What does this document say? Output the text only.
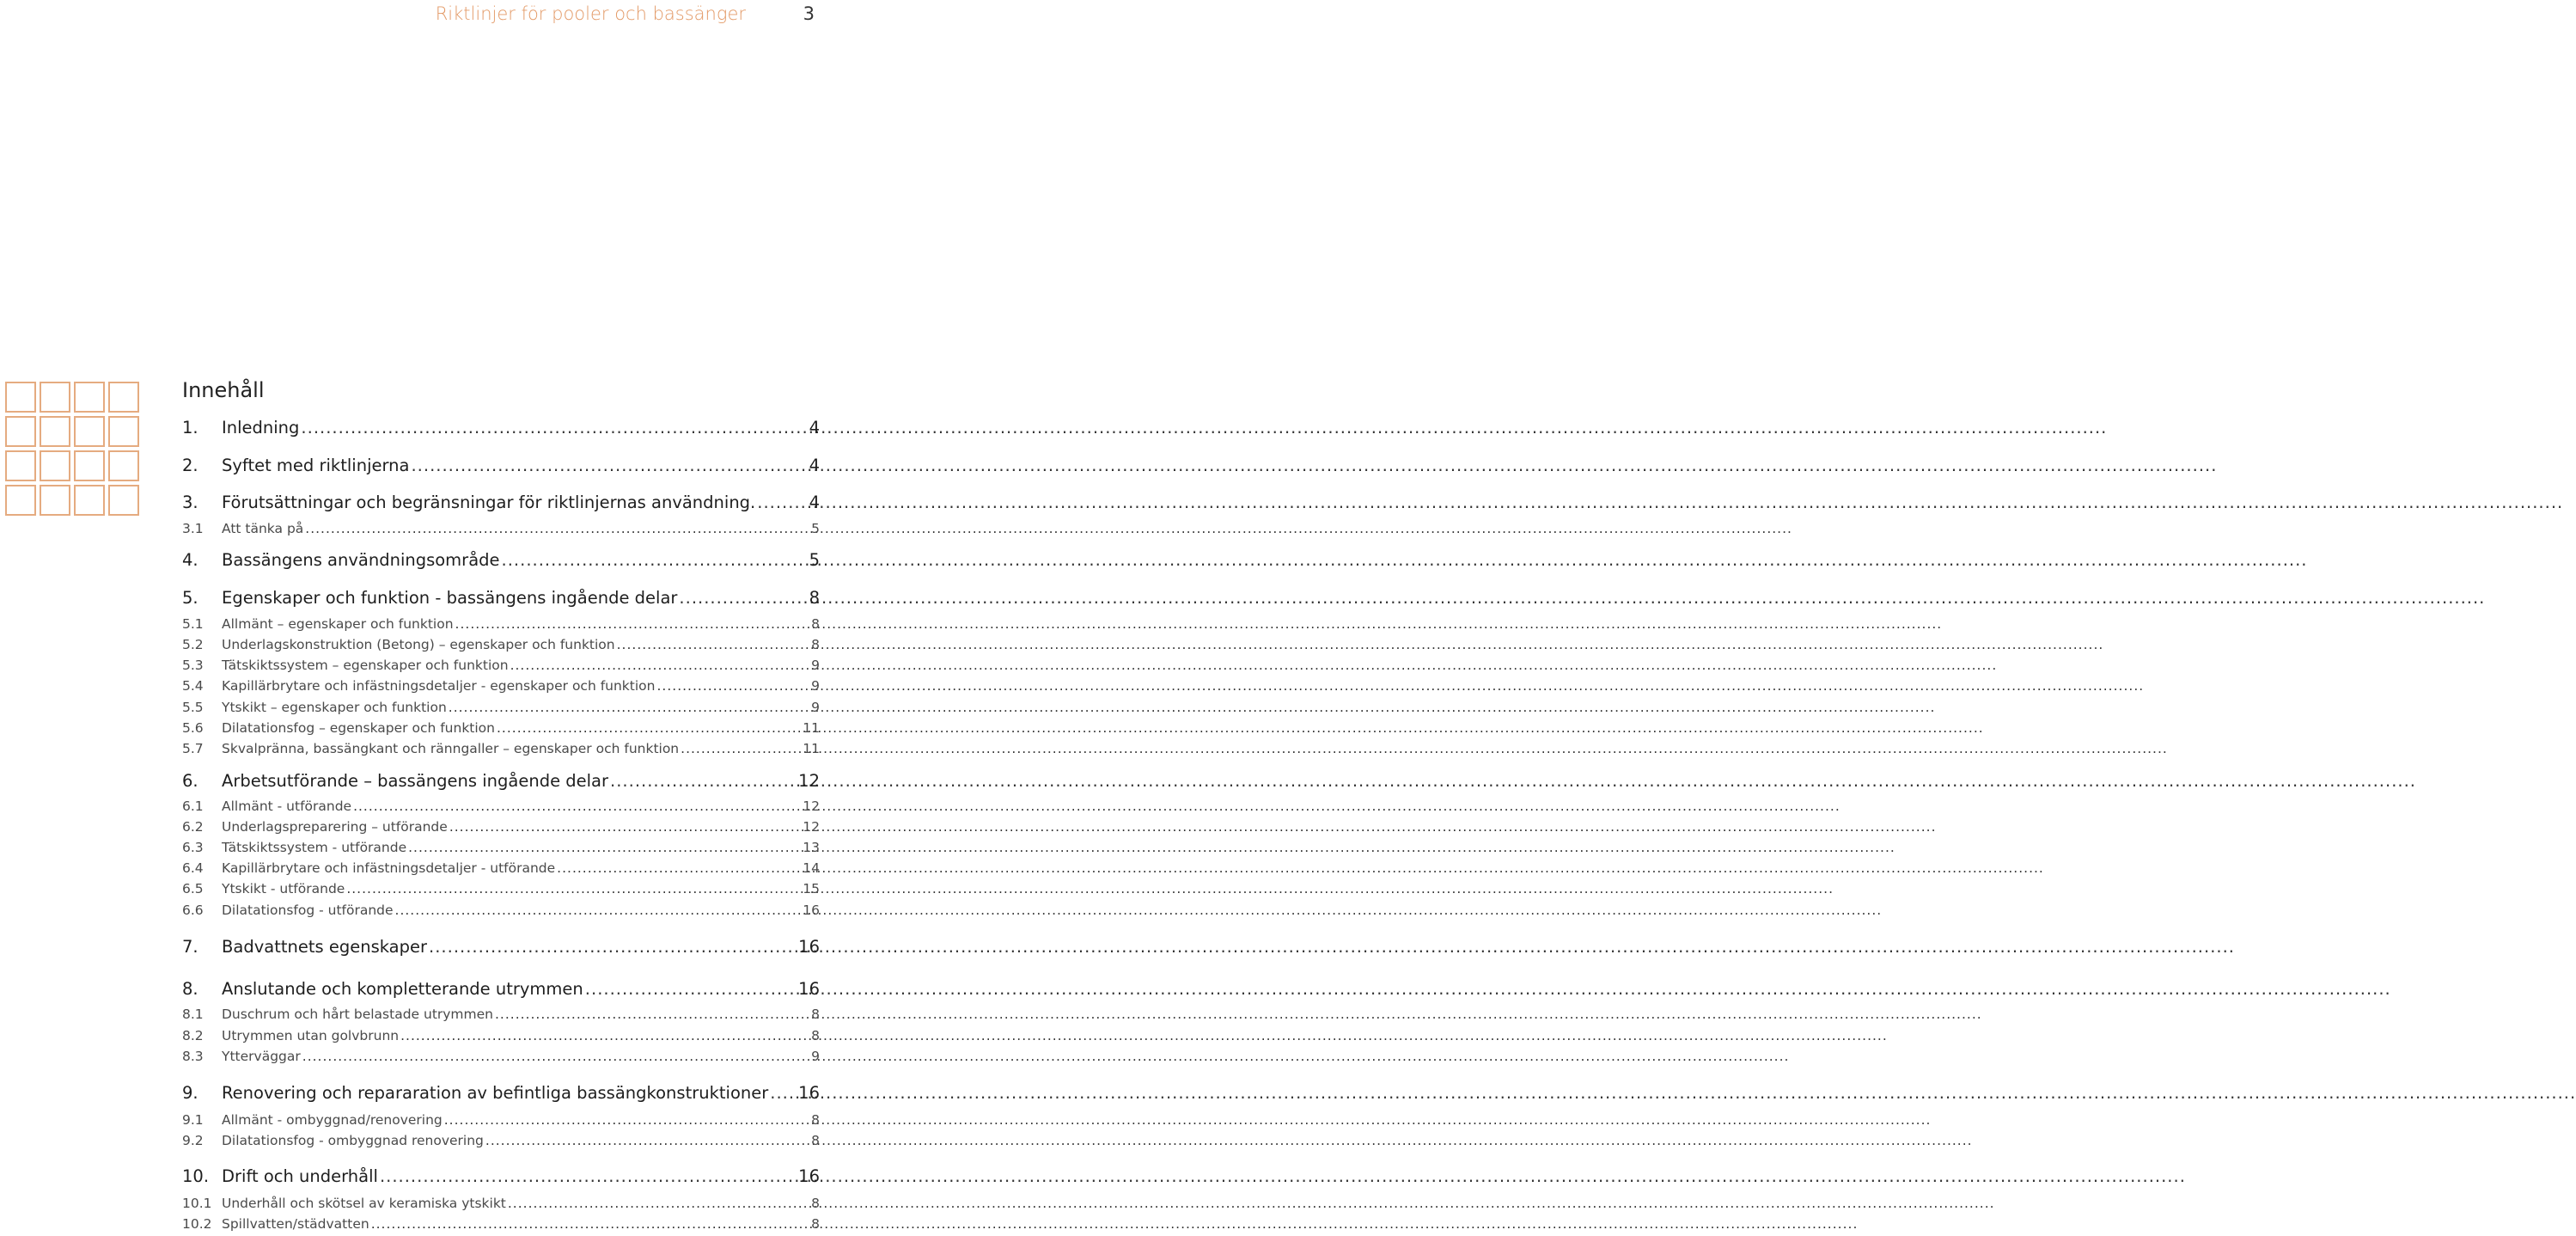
Riktlinjer för pooler och bassänger	3
Innehåll
1.	Inledning .....	4
2.	Syftet med riktlinjerna .....	4
3.	Förutsättningar och begränsningar för riktlinjernas användning. .....	4
3.1	Att tänka på .....	5
4.	Bassängens användningsområde .....	5
5.	Egenskaper och funktion - bassängens ingående delar .....	8
5.1	Allmänt – egenskaper och funktion .....	8
5.2	Underlagskonstruktion (Betong) – egenskaper och funktion .....	8
5.3	Tätskiktssystem – egenskaper och funktion .....	9
5.4	Kapillärbrytare och infästningsdetaljer - egenskaper och funktion .....	9
5.5	Ytskikt – egenskaper och funktion .....	9
5.6	Dilatationsfog – egenskaper och funktion .....	11
5.7	Skvalpränna, bassängkant och ränngaller – egenskaper och funktion .....	11
6.	Arbetsutförande – bassängens ingående delar .....	12
6.1	Allmänt - utförande .....	12
6.2	Underlagspreparering – utförande .....	12
6.3	Tätskiktssystem - utförande .....	13
6.4	Kapillärbrytare och infästningsdetaljer - utförande .....	14
6.5	Ytskikt - utförande .....	15
6.6	Dilatationsfog - utförande .....	16
7.	Badvattnets egenskaper .....	16
8.	Anslutande och kompletterande utrymmen .....	16
8.1	Duschrum och hårt belastade utrymmen .....	8
8.2	Utrymmen utan golvbrunn .....	8
8.3	Ytterväggar .....	9
9.	Renovering och repararation av befintliga bassängkonstruktioner ..... 16
9.1	Allmänt - ombyggnad/renovering .....	8
9.2	Dilatationsfog - ombyggnad renovering .....	8
10. Drift och underhåll .....	16
10.1 Underhåll och skötsel av keramiska ytskikt .....	8
10.2 Spillvatten/städvatten .....	8
